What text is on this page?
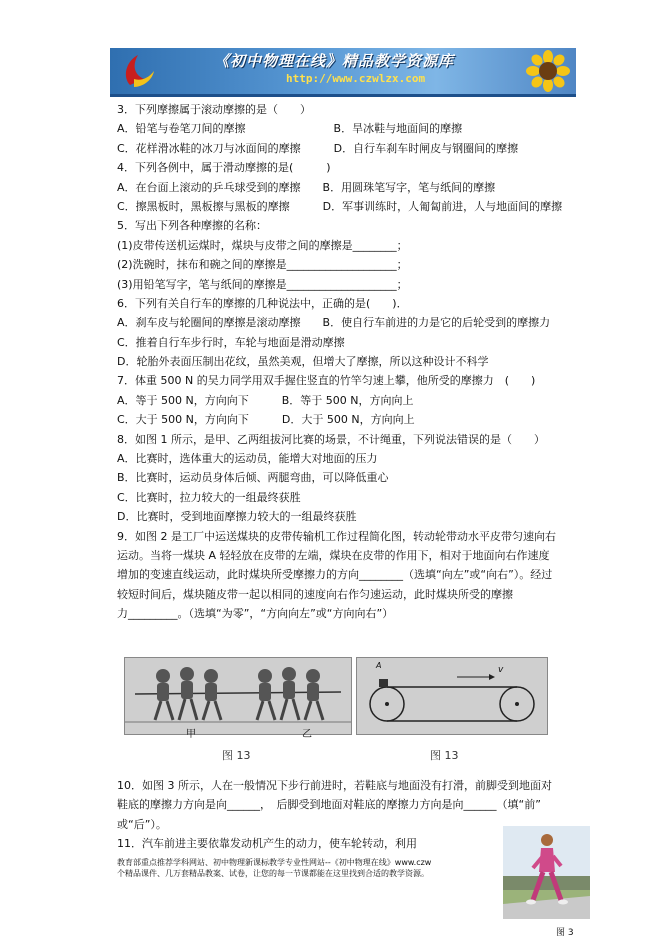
《初中物理在线》精品教学资源库
http://www.czwlzx.com
3．下列摩擦属于滚动摩擦的是（　　）
A．铅笔与卷笔刀间的摩擦　　　　　　　　B．旱冰鞋与地面间的摩擦
C．花样滑冰鞋的冰刀与冰面间的摩擦　　　D．自行车刹车时闸皮与钢圈间的摩擦
4．下列各例中，属于滑动摩擦的是(　　　)
A．在台面上滚动的乒乓球受到的摩擦　　B．用圆珠笔写字，笔与纸间的摩擦
C．擦黑板时，黑板擦与黑板的摩擦　　　D．军事训练时，人匍匐前进，人与地面间的摩擦
5．写出下列各种摩擦的名称：
(1)皮带传送机运煤时，煤块与皮带之间的摩擦是________；
(2)洗碗时，抹布和碗之间的摩擦是____________________；
(3)用铅笔写字，笔与纸间的摩擦是____________________；
6．下列有关自行车的摩擦的几种说法中，正确的是(　　)．
A．刹车皮与轮圈间的摩擦是滚动摩擦　　B．使自行车前进的力是它的后轮受到的摩擦力
C．推着自行车步行时，车轮与地面是滑动摩擦
D．轮胎外表面压制出花纹，虽然美观，但增大了摩擦，所以这种设计不科学
7．体重 500 N 的吴力同学用双手握住竖直的竹竿匀速上攀，他所受的摩擦力　(　　)
A．等于 500 N，方向向下　　　B．等于 500 N，方向向上
C．大于 500 N，方向向下　　　D．大于 500 N，方向向上
8．如图 1 所示，是甲、乙两组拔河比赛的场景，不计绳重，下列说法错误的是（　　）
A．比赛时，选体重大的运动员，能增大对地面的压力
B．比赛时，运动员身体后倾、两腿弯曲，可以降低重心
C．比赛时，拉力较大的一组最终获胜
D．比赛时，受到地面摩擦力较大的一组最终获胜
9．如图 2 是工厂中运送煤块的皮带传输机工作过程简化图，转动轮带动水平皮带匀速向右
运动。当将一煤块 A 轻轻放在皮带的左端，煤块在皮带的作用下，相对于地面向右作速度
增加的变速直线运动，此时煤块所受摩擦力的方向________（选填“向左”或“向右”）。经过
较短时间后，煤块随皮带一起以相同的速度向右作匀速运动，此时煤块所受的摩擦
力_________。（选填“为零”，“方向向左”或“方向向右”）
甲	乙
图 13
A	v
图 13
10．如图 3 所示，人在一般情况下步行前进时，若鞋底与地面没有打滑，前脚受到地面对
鞋底的摩擦力方向是向______，　后脚受到地面对鞋底的摩擦力方向是向______（填“前”
或“后”）。
11．汽车前进主要依靠发动机产生的动力，使车轮转动，利用
教育部重点推荐学科网站、初中物理新课标教学专业性网站--《初中物理在线》www.czw
个精品课件、几万套精品教案、试卷，让您的每一节课都能在这里找到合适的教学资源。
图 3
